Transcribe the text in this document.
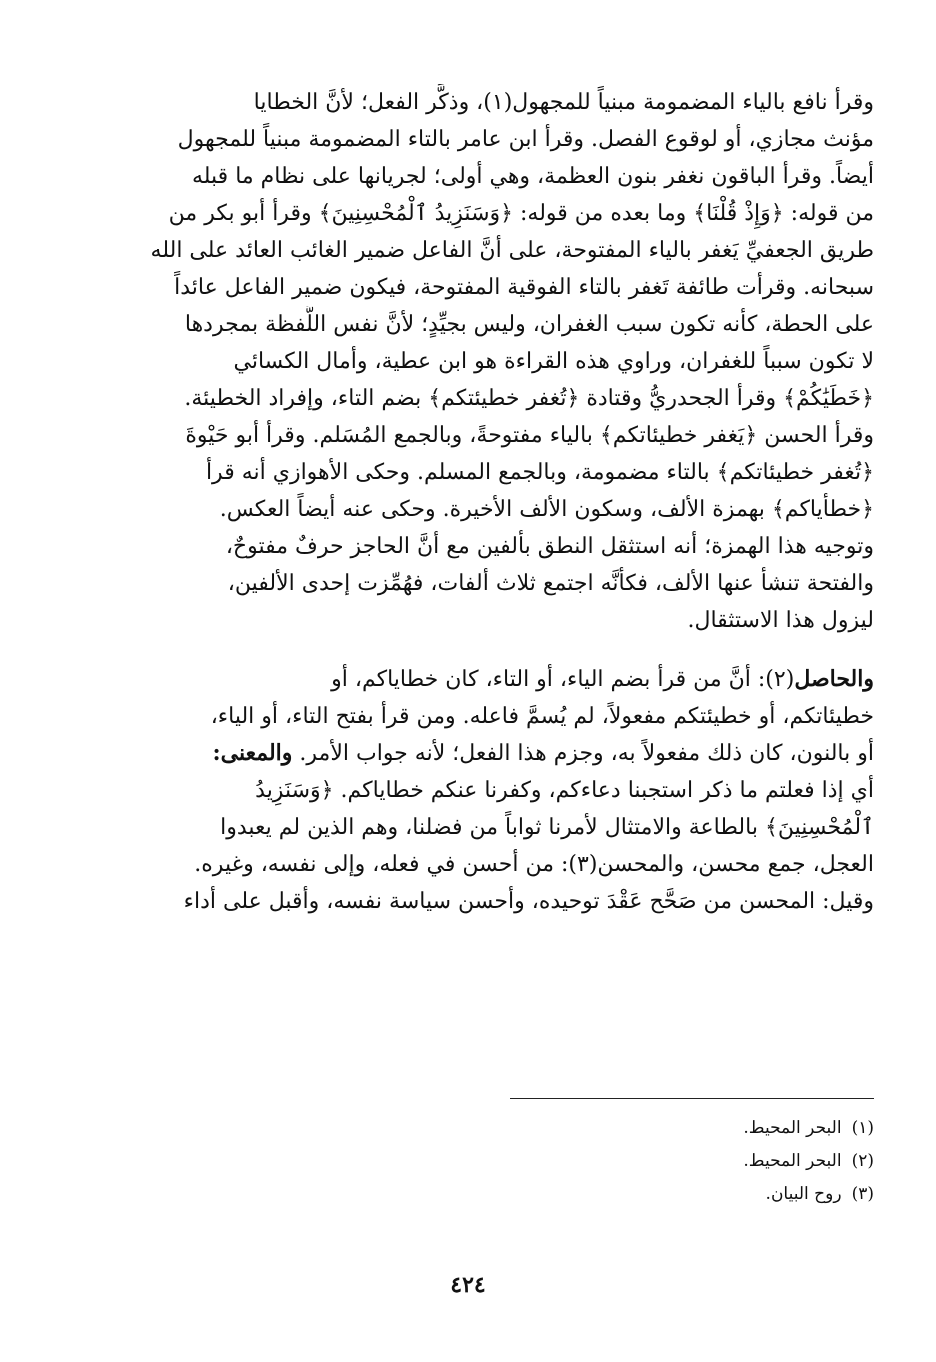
وقرأ نافع بالياء المضمومة مبنياً للمجهول(١)، وذكَّر الفعل؛ لأنَّ الخطايا
مؤنث مجازي، أو لوقوع الفصل. وقرأ ابن عامر بالتاء المضمومة مبنياً للمجهول
أيضاً. وقرأ الباقون نغفر بنون العظمة، وهي أولى؛ لجريانها على نظام ما قبله
من قوله: ﴿وَإِذْ قُلْنَا﴾ وما بعده من قوله: ﴿وَسَنَزِيدُ ٱلْمُحْسِنِينَ﴾ وقرأ أبو بكر من
طريق الجعفيِّ يَغفر بالياء المفتوحة، على أنَّ الفاعل ضمير الغائب العائد على الله
سبحانه. وقرأت طائفة تَغفر بالتاء الفوقية المفتوحة، فيكون ضمير الفاعل عائداً
على الحطة، كأنه تكون سبب الغفران، وليس بجيِّدٍ؛ لأنَّ نفس اللَّفظة بمجردها
لا تكون سبباً للغفران، وراوي هذه القراءة هو ابن عطية، وأمال الكسائي
﴿خَطَيَٰكُمْ﴾ وقرأ الجحدريُّ وقتادة ﴿تُغفر خطيئتكم﴾ بضم التاء، وإفراد الخطيئة.
وقرأ الحسن ﴿يَغفر خطيئاتكم﴾ بالياء مفتوحةً، وبالجمع المُسَلم. وقرأ أبو حَيْوةَ
﴿تُغفر خطيئاتكم﴾ بالتاء مضمومة، وبالجمع المسلم. وحكى الأهوازي أنه قرأ
﴿خطأياكم﴾ بهمزة الألف، وسكون الألف الأخيرة. وحكى عنه أيضاً العكس.
وتوجيه هذا الهمزة؛ أنه استثقل النطق بألفين مع أنَّ الحاجز حرفٌ مفتوحٌ،
والفتحة تنشأ عنها الألف، فكأنَّه اجتمع ثلاث ألفات، فهُمِّزت إحدى الألفين،
ليزول هذا الاستثقال.
والحاصل(٢): أنَّ من قرأ بضم الياء، أو التاء، كان خطاياكم، أو
خطيئاتكم، أو خطيئتكم مفعولاً، لم يُسمَّ فاعله. ومن قرأ بفتح التاء، أو الياء،
أو بالنون، كان ذلك مفعولاً به، وجزم هذا الفعل؛ لأنه جواب الأمر. والمعنى:
أي إذا فعلتم ما ذكر استجبنا دعاءكم، وكفرنا عنكم خطاياكم. ﴿وَسَنَزِيدُ
ٱلْمُحْسِنِينَ﴾ بالطاعة والامتثال لأمرنا ثواباً من فضلنا، وهم الذين لم يعبدوا
العجل، جمع محسن، والمحسن(٣): من أحسن في فعله، وإلى نفسه، وغيره.
وقيل: المحسن من صَحَّح عَقْدَ توحيده، وأحسن سياسة نفسه، وأقبل على أداء
(١)البحر المحيط.
(٢)البحر المحيط.
(٣)روح البيان.
٤٢٤
